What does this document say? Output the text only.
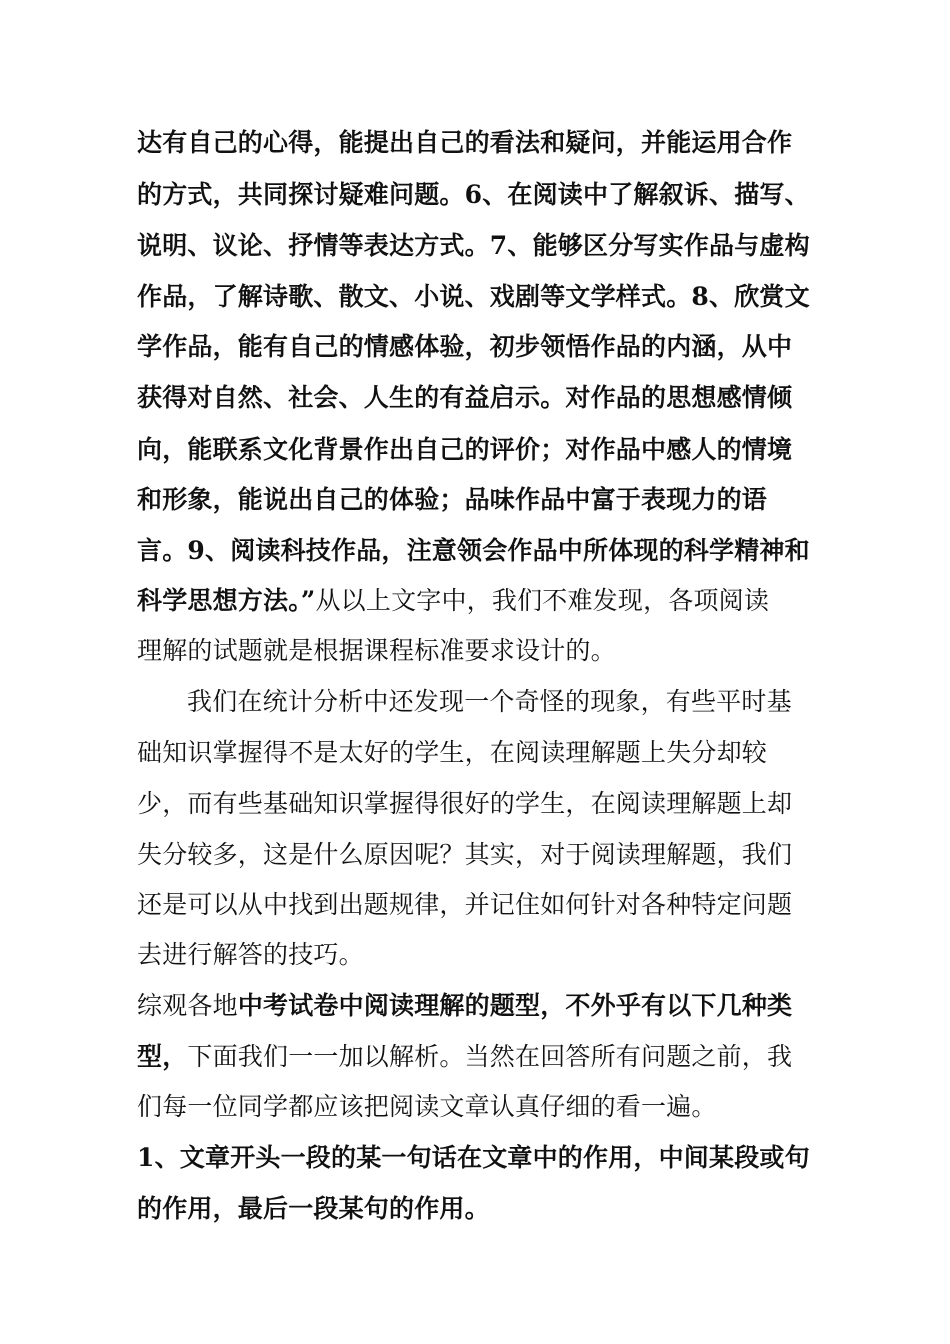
达有自己的心得，能提出自己的看法和疑问，并能运用合作
的方式，共同探讨疑难问题。6、在阅读中了解叙诉、描写、
说明、议论、抒情等表达方式。7、能够区分写实作品与虚构
作品，了解诗歌、散文、小说、戏剧等文学样式。8、欣赏文
学作品，能有自己的情感体验，初步领悟作品的内涵，从中
获得对自然、社会、人生的有益启示。对作品的思想感情倾
向，能联系文化背景作出自己的评价；对作品中感人的情境
和形象，能说出自己的体验；品味作品中富于表现力的语
言。9、阅读科技作品，注意领会作品中所体现的科学精神和
科学思想方法。”从以上文字中，我们不难发现，各项阅读
理解的试题就是根据课程标准要求设计的。
我们在统计分析中还发现一个奇怪的现象，有些平时基
础知识掌握得不是太好的学生，在阅读理解题上失分却较
少，而有些基础知识掌握得很好的学生，在阅读理解题上却
失分较多，这是什么原因呢？其实，对于阅读理解题，我们
还是可以从中找到出题规律，并记住如何针对各种特定问题
去进行解答的技巧。
综观各地中考试卷中阅读理解的题型，不外乎有以下几种类
型，下面我们一一加以解析。当然在回答所有问题之前，我
们每一位同学都应该把阅读文章认真仔细的看一遍。
1、文章开头一段的某一句话在文章中的作用，中间某段或句
的作用，最后一段某句的作用。
